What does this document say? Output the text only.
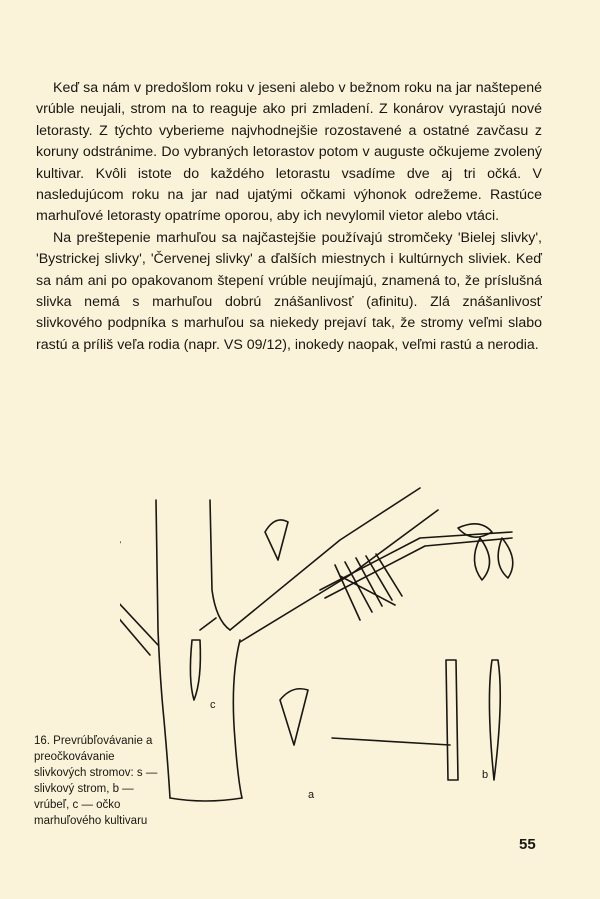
Keď sa nám v predošlom roku v jeseni alebo v bežnom roku na jar naštepené vrúble neujali, strom na to reaguje ako pri zmladení. Z konárov vyrastajú nové letorasty. Z týchto vyberieme najvhodnejšie rozostavené a ostatné zavčasu z koruny odstránime. Do vybraných letorastov potom v auguste očkujeme zvolený kultivar. Kvôli istote do každého letorastu vsadíme dve aj tri očká. V nasledujúcom roku na jar nad ujatými očkami výhonok odrežeme. Rastúce marhuľové letorasty opatríme oporou, aby ich nevylomil vietor alebo vtáci.

Na preštepenie marhuľou sa najčastejšie používajú stromčeky 'Bielej slivky', 'Bystrickej slivky', 'Červenej slivky' a ďalších miestnych i kultúrnych sliviek. Keď sa nám ani po opakovanom štepení vrúble neujímajú, znamená to, že príslušná slivka nemá s marhuľou dobrú znášanlivosť (afinitu). Zlá znášanlivosť slivkového podpníka s marhuľou sa niekedy prejaví tak, že stromy veľmi slabo rastú a príliš veľa rodia (napr. VS 09/12), inokedy naopak, veľmi rastú a nerodia.

c
b
a
16. Prevrúbľovávanie a preočkovávanie slivkových stromov: s — slivkový strom, b — vrúbeľ, c — očko marhuľového kultivaru
55
